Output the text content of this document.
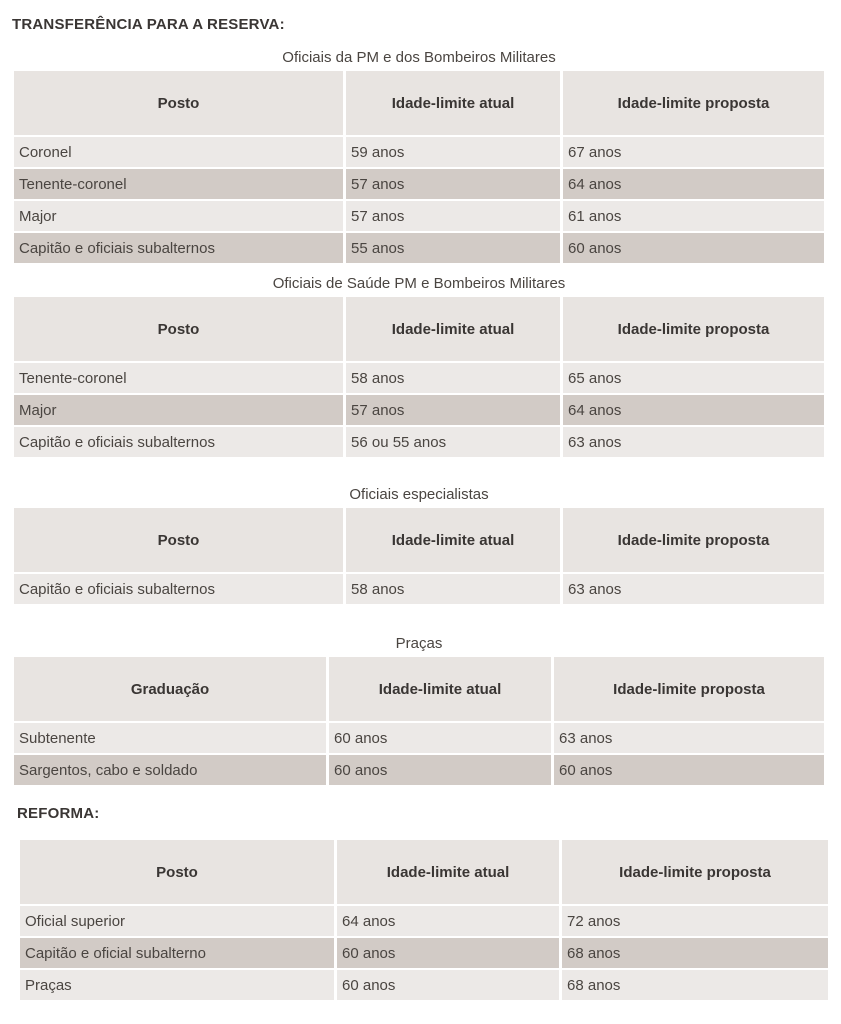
TRANSFERÊNCIA PARA A RESERVA:
Oficiais da PM e dos Bombeiros Militares
Posto	Idade-limite atual	Idade-limite proposta
Coronel	59 anos	67 anos
Tenente-coronel	57 anos	64 anos
Major	57 anos	61 anos
Capitão e oficiais subalternos	55 anos	60 anos
Oficiais de Saúde PM e Bombeiros Militares
Posto	Idade-limite atual	Idade-limite proposta
Tenente-coronel	58 anos	65 anos
Major	57 anos	64 anos
Capitão e oficiais subalternos	56 ou 55 anos	63 anos
Oficiais especialistas
Posto	Idade-limite atual	Idade-limite proposta
Capitão e oficiais subalternos	58 anos	63 anos
Praças
Graduação	Idade-limite atual	Idade-limite proposta
Subtenente	60 anos	63 anos
Sargentos, cabo e soldado	60 anos	60 anos
REFORMA:
Posto	Idade-limite atual	Idade-limite proposta
Oficial superior	64 anos	72 anos
Capitão e oficial subalterno	60 anos	68 anos
Praças	60 anos	68 anos
